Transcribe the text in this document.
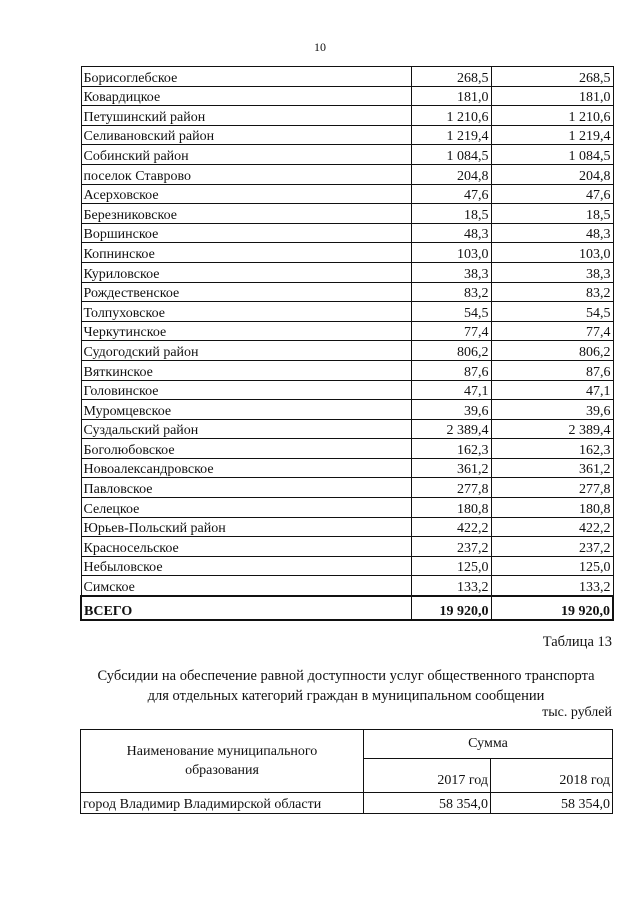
10
Борисоглебское	268,5	268,5
Ковардицкое	181,0	181,0
Петушинский район	1 210,6	1 210,6
Селивановский район	1 219,4	1 219,4
Собинский район	1 084,5	1 084,5
поселок Ставрово	204,8	204,8
Асерховское	47,6	47,6
Березниковское	18,5	18,5
Воршинское	48,3	48,3
Копнинское	103,0	103,0
Куриловское	38,3	38,3
Рождественское	83,2	83,2
Толпуховское	54,5	54,5
Черкутинское	77,4	77,4
Судогодский район	806,2	806,2
Вяткинское	87,6	87,6
Головинское	47,1	47,1
Муромцевское	39,6	39,6
Суздальский район	2 389,4	2 389,4
Боголюбовское	162,3	162,3
Новоалександровское	361,2	361,2
Павловское	277,8	277,8
Селецкое	180,8	180,8
Юрьев-Польский район	422,2	422,2
Красносельское	237,2	237,2
Небыловское	125,0	125,0
Симское	133,2	133,2
ВСЕГО	19 920,0	19 920,0
Таблица 13
Субсидии на обеспечение равной доступности услуг общественного транспорта
для отдельных категорий граждан в муниципальном сообщении
тыс. рублей
Наименование муниципального
образования	Сумма	
	2017 год	2018 год
город Владимир Владимирской области	58 354,0	58 354,0
